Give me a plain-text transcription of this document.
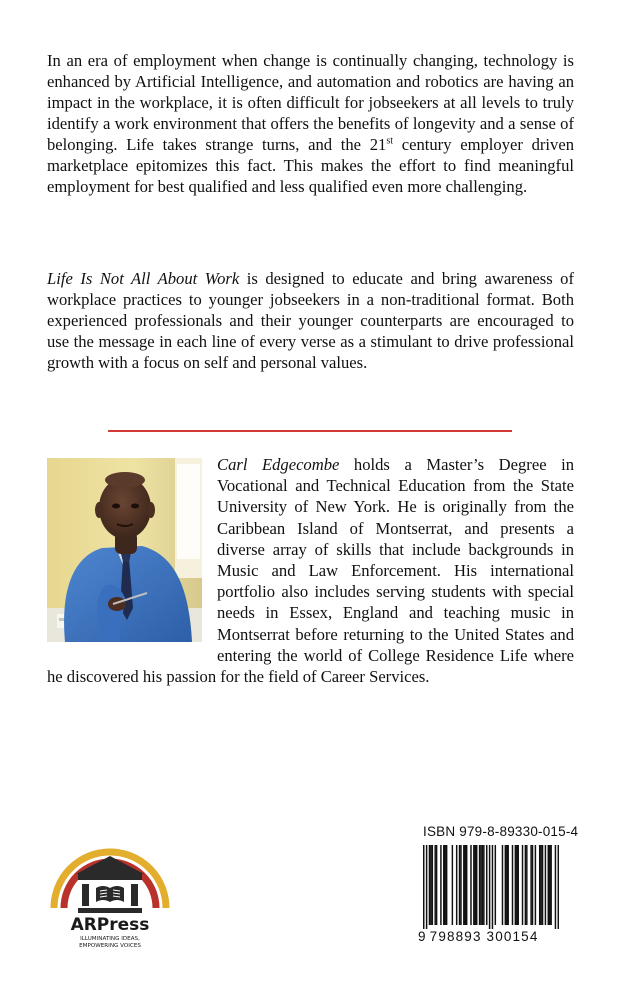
In an era of employment when change is continually changing, technology is enhanced by Artificial Intelligence, and automation and robotics are having an impact in the workplace, it is often difficult for jobseekers at all levels to truly identify a work environment that offers the benefits of longevity and a sense of belonging. Life takes strange turns, and the 21st century employer driven marketplace epitomizes this fact. This makes the effort to find meaningful employment for best qualified and less qualified even more challenging.

Life Is Not All About Work is designed to educate and bring awareness of workplace practices to younger jobseekers in a non-traditional format. Both experienced professionals and their younger counterparts are encouraged to use the message in each line of every verse as a stimulant to drive professional growth with a focus on self and personal values.

Carl Edgecombe holds a Master’s Degree in Vocational and Technical Education from the State University of New York. He is originally from the Caribbean Island of Montserrat, and presents a diverse array of skills that include backgrounds in Music and Law Enforcement. His international portfolio also includes serving students with special needs in Essex, England and teaching music in Montserrat before returning to the United States and entering the world of College Residence Life where he discovered his passion for the field of Career Services.

ARPress
ILLUMINATING IDEAS,
EMPOWERING VOICES
ISBN 979-8-89330-015-4
9 798893 300154
